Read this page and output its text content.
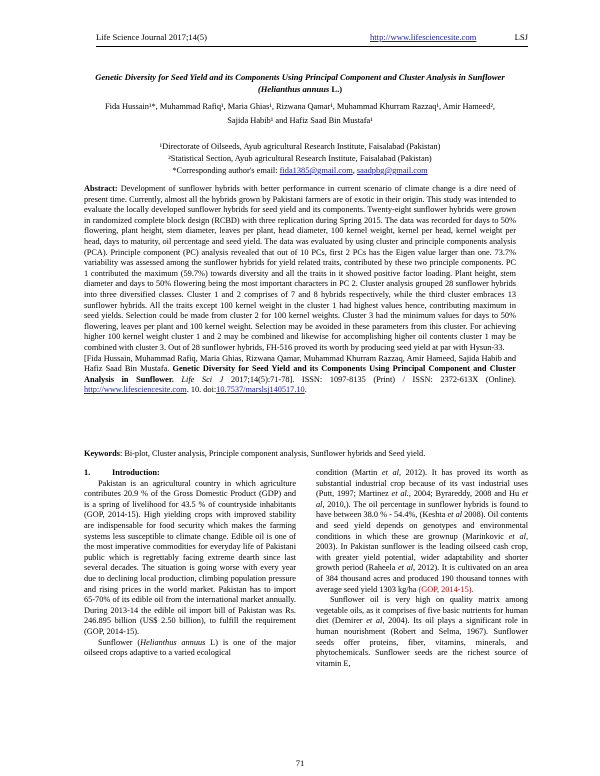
Life Science Journal 2017;14(5)	http://www.lifesciencesite.com	LSJ
Genetic Diversity for Seed Yield and its Components Using Principal Component and Cluster Analysis in Sunflower (Helianthus annuus L.)
Fida Hussain¹*, Muhammad Rafiq¹, Maria Ghias¹, Rizwana Qamar¹, Muhammad Khurram Razzaq¹, Amir Hameed²,
Sajida Habib¹ and Hafiz Saad Bin Mustafa¹
¹Directorate of Oilseeds, Ayub agricultural Research Institute, Faisalabad (Pakistan)
²Statistical Section, Ayub agricultural Research Institute, Faisalabad (Pakistan)
*Corresponding author's email: fida1385@gmail.com, saadpbg@gmail.com
Abstract: Development of sunflower hybrids with better performance in current scenario of climate change is a dire need of present time. Currently, almost all the hybrids grown by Pakistani farmers are of exotic in their origin. This study was intended to evaluate the locally developed sunflower hybrids for seed yield and its components. Twenty-eight sunflower hybrids were grown in randomized complete block design (RCBD) with three replication during Spring 2015. The data was recorded for days to 50% flowering, plant height, stem diameter, leaves per plant, head diameter, 100 kernel weight, kernel per head, kernel weight per head, days to maturity, oil percentage and seed yield. The data was evaluated by using cluster and principle components analysis (PCA). Principle component (PC) analysis revealed that out of 10 PCs, first 2 PCs has the Eigen value larger than one. 73.7% variability was assessed among the sunflower hybrids for yield related traits, contributed by these two principle components. PC 1 contributed the maximum (59.7%) towards diversity and all the traits in it showed positive factor loading. Plant height, stem diameter and days to 50% flowering being the most important characters in PC 2. Cluster analysis grouped 28 sunflower hybrids into three diversified classes. Cluster 1 and 2 comprises of 7 and 8 hybrids respectively, while the third cluster embraces 13 sunflower hybrids. All the traits except 100 kernel weight in the cluster 1 had highest values hence, contributing maximum in seed yields. Selection could be made from cluster 2 for 100 kernel weights. Cluster 3 had the minimum values for days to 50% flowering, leaves per plant and 100 kernel weight. Selection may be avoided in these parameters from this cluster. For achieving higher 100 kernel weight cluster 1 and 2 may be combined and likewise for accomplishing higher oil contents cluster 1 may be combined with cluster 3. Out of 28 sunflower hybrids, FH-516 proved its worth by producing seed yield at par with Hysun-33.
[Fida Hussain, Muhammad Rafiq, Maria Ghias, Rizwana Qamar, Muhammad Khurram Razzaq, Amir Hameed, Sajida Habib and Hafiz Saad Bin Mustafa. Genetic Diversity for Seed Yield and its Components Using Principal Component and Cluster Analysis in Sunflower. Life Sci J 2017;14(5):71-78]. ISSN: 1097-8135 (Print) / ISSN: 2372-613X (Online). http://www.lifesciencesite.com. 10. doi:10.7537/marslsj140517.10.
Keywords: Bi-plot, Cluster analysis, Principle component analysis, Sunflower hybrids and Seed yield.
1.	Introduction:

Pakistan is an agricultural country in which agriculture contributes 20.9 % of the Gross Domestic Product (GDP) and is a spring of livelihood for 43.5 % of countryside inhabitants (GOP, 2014-15). High yielding crops with improved stability are indispensable for food security which makes the farming systems less susceptible to climate change. Edible oil is one of the most imperative commodities for everyday life of Pakistani public which is regrettably facing extreme dearth since last several decades. The situation is going worse with every year due to declining local production, climbing population pressure and rising prices in the world market. Pakistan has to import 65-70% of its edible oil from the international market annually. During 2013-14 the edible oil import bill of Pakistan was Rs. 246.895 billion (US$ 2.50 billion), to fulfill the requirement (GOP, 2014-15).

Sunflower (Helianthus annuus L) is one of the major oilseed crops adaptive to a varied ecological

condition (Martin et al, 2012). It has proved its worth as substantial industrial crop because of its vast industrial uses (Putt, 1997; Martinez et al., 2004; Byrareddy, 2008 and Hu et al, 2010,). The oil percentage in sunflower hybrids is found to have between 38.0 % - 54.4%, (Keshta et al 2008). Oil contents and seed yield depends on genotypes and environmental conditions in which these are grownup (Marinkovic et al, 2003). In Pakistan sunflower is the leading oilseed cash crop, with greater yield potential, wider adaptability and shorter growth period (Raheela et al, 2012). It is cultivated on an area of 384 thousand acres and produced 190 thousand tonnes with average seed yield 1303 kg/ha (GOP, 2014-15).

Sunflower oil is very high on quality matrix among vegetable oils, as it comprises of five basic nutrients for human diet (Demirer et al, 2004). Its oil plays a significant role in human nourishment (Robert and Selma, 1967). Sunflower seeds offer proteins, fiber, vitamins, minerals, and phytochemicals. Sunflower seeds are the richest source of vitamin E,

71
